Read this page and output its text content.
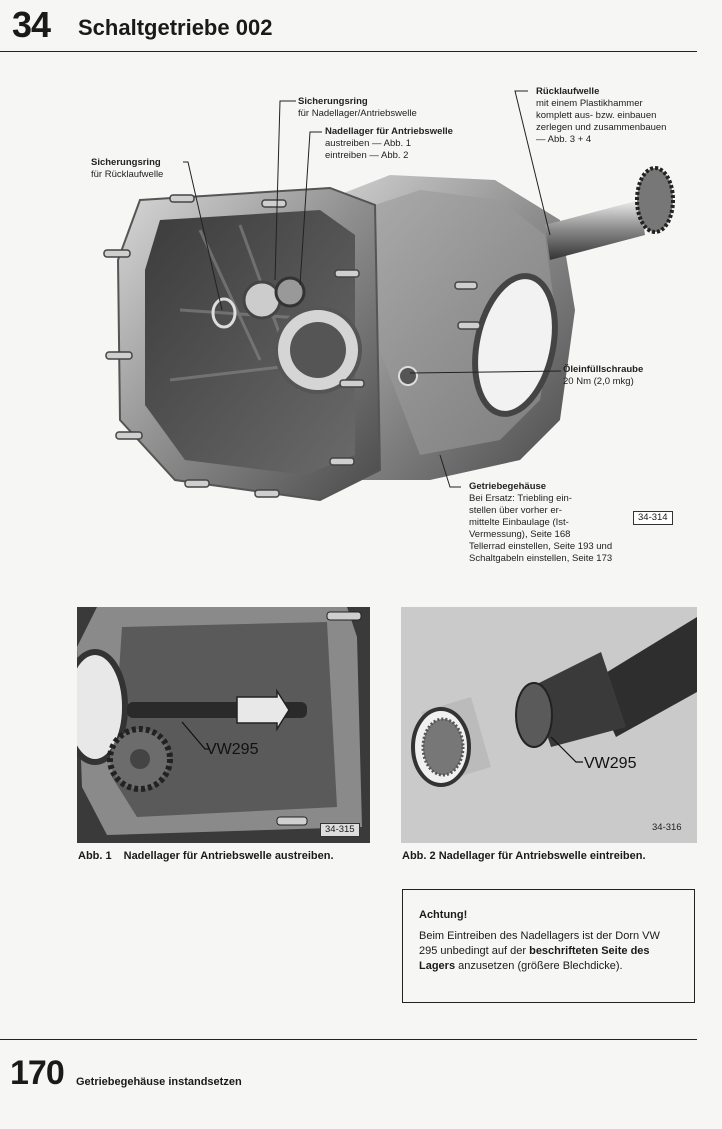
34 Schaltgetriebe 002
Sicherungsring
für Nadellager/Antriebswelle
Nadellager für Antriebswelle
austreiben — Abb. 1
eintreiben — Abb. 2
Sicherungsring
für Rücklaufwelle
Rücklaufwelle
mit einem Plastikhammer
komplett aus- bzw. einbauen
zerlegen und zusammenbauen
— Abb. 3 + 4
Öleinfüllschraube
20 Nm (2,0 mkg)
Getriebegehäuse
Bei Ersatz: Triebling ein-
stellen über vorher er-
mittelte Einbaulage (Ist-
Vermessung), Seite 168
Tellerrad einstellen, Seite 193 und
Schaltgabeln einstellen, Seite 173
34-314
VW295
34-315
VW295
34-316
Abb. 1 Nadellager für Antriebswelle austreiben.	Abb. 2 Nadellager für Antriebswelle eintreiben.
Achtung!
Beim Eintreiben des Nadellagers ist der Dorn VW 295 unbedingt auf der beschrifteten Seite des Lagers anzusetzen (größere Blechdicke).
170 Getriebegehäuse instandsetzen
